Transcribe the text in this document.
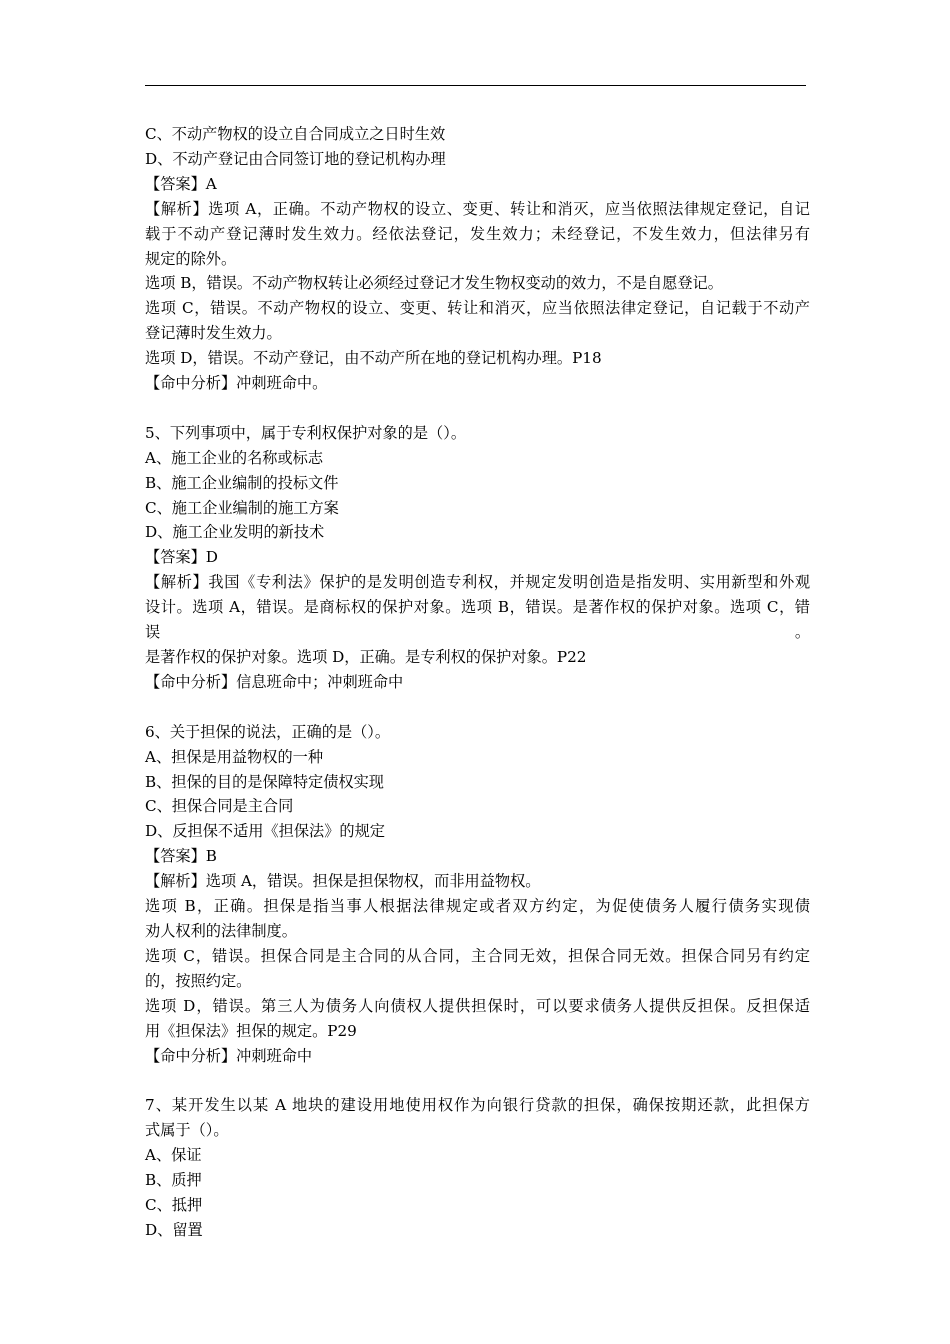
C、不动产物权的设立自合同成立之日时生效
D、不动产登记由合同签订地的登记机构办理
【答案】A
【解析】选项 A，正确。不动产物权的设立、变更、转让和消灭，应当依照法律规定登记，自记
载于不动产登记薄时发生效力。经依法登记，发生效力；未经登记，不发生效力，但法律另有
规定的除外。
选项 B，错误。不动产物权转让必须经过登记才发生物权变动的效力，不是自愿登记。
选项 C，错误。不动产物权的设立、变更、转让和消灭，应当依照法律定登记，自记载于不动产
登记薄时发生效力。
选项 D，错误。不动产登记，由不动产所在地的登记机构办理。P18
【命中分析】冲刺班命中。
5、下列事项中，属于专利权保护对象的是（）。
A、施工企业的名称或标志
B、施工企业编制的投标文件
C、施工企业编制的施工方案
D、施工企业发明的新技术
【答案】D
【解析】我国《专利法》保护的是发明创造专利权，并规定发明创造是指发明、实用新型和外观
设计。选项 A，错误。是商标权的保护对象。选项 B，错误。是著作权的保护对象。选项 C，错误。
是著作权的保护对象。选项 D，正确。是专利权的保护对象。P22
【命中分析】信息班命中；冲刺班命中
6、关于担保的说法，正确的是（）。
A、担保是用益物权的一种
B、担保的目的是保障特定债权实现
C、担保合同是主合同
D、反担保不适用《担保法》的规定
【答案】B
【解析】选项 A，错误。担保是担保物权，而非用益物权。
选项 B，正确。担保是指当事人根据法律规定或者双方约定，为促使债务人履行债务实现债
劝人权利的法律制度。
选项 C，错误。担保合同是主合同的从合同，主合同无效，担保合同无效。担保合同另有约定
的，按照约定。
选项 D，错误。第三人为债务人向债权人提供担保时，可以要求债务人提供反担保。反担保适
用《担保法》担保的规定。P29
【命中分析】冲刺班命中
7、某开发生以某 A 地块的建设用地使用权作为向银行贷款的担保，确保按期还款，此担保方
式属于（）。
A、保证
B、质押
C、抵押
D、留置
